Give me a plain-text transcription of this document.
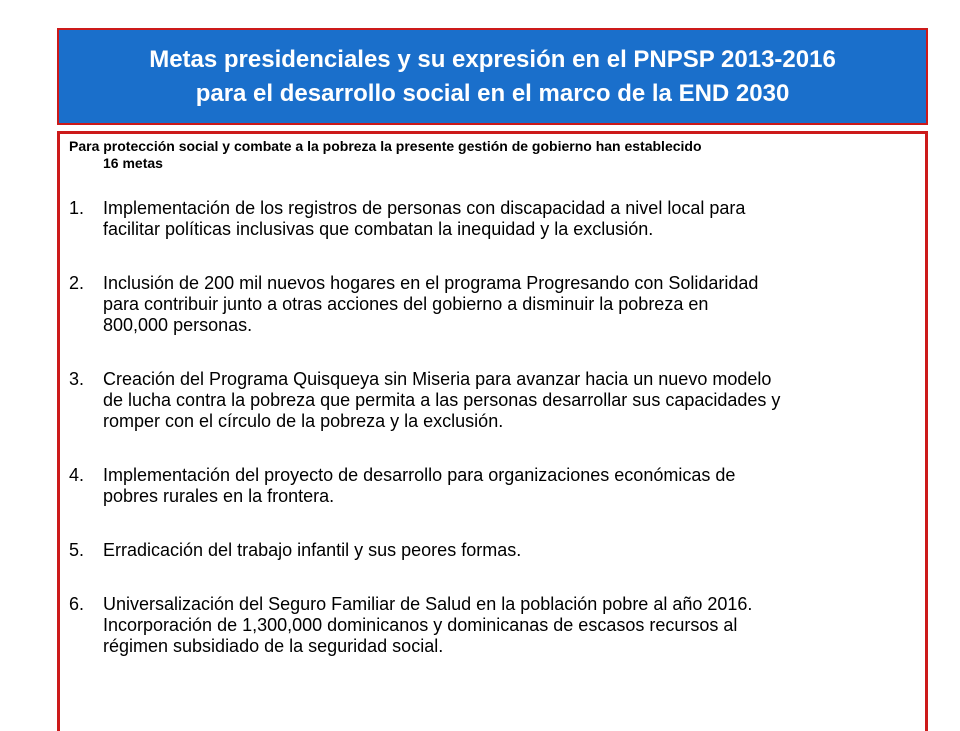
Metas presidenciales y su expresión en el PNPSP 2013-2016
para el desarrollo social en el marco de la END 2030
Para protección social y combate a la pobreza la presente gestión de gobierno han establecido
16 metas
1. Implementación de los registros de personas con discapacidad a nivel local para
facilitar políticas inclusivas que combatan la inequidad y la exclusión.
2. Inclusión de 200 mil nuevos hogares en el programa Progresando con Solidaridad
para contribuir junto a otras acciones del gobierno a disminuir la pobreza en
800,000 personas.
3. Creación del Programa Quisqueya sin Miseria para avanzar hacia un nuevo modelo
de lucha contra la pobreza que permita a las personas desarrollar sus capacidades y
romper con el círculo de la pobreza y la exclusión.
4. Implementación del proyecto de desarrollo para organizaciones económicas de
pobres rurales en la frontera.
5. Erradicación del trabajo infantil y sus peores formas.
6. Universalización del Seguro Familiar de Salud en la población pobre al año 2016.
Incorporación de 1,300,000 dominicanos y dominicanas de escasos recursos al
régimen subsidiado de la seguridad social.
